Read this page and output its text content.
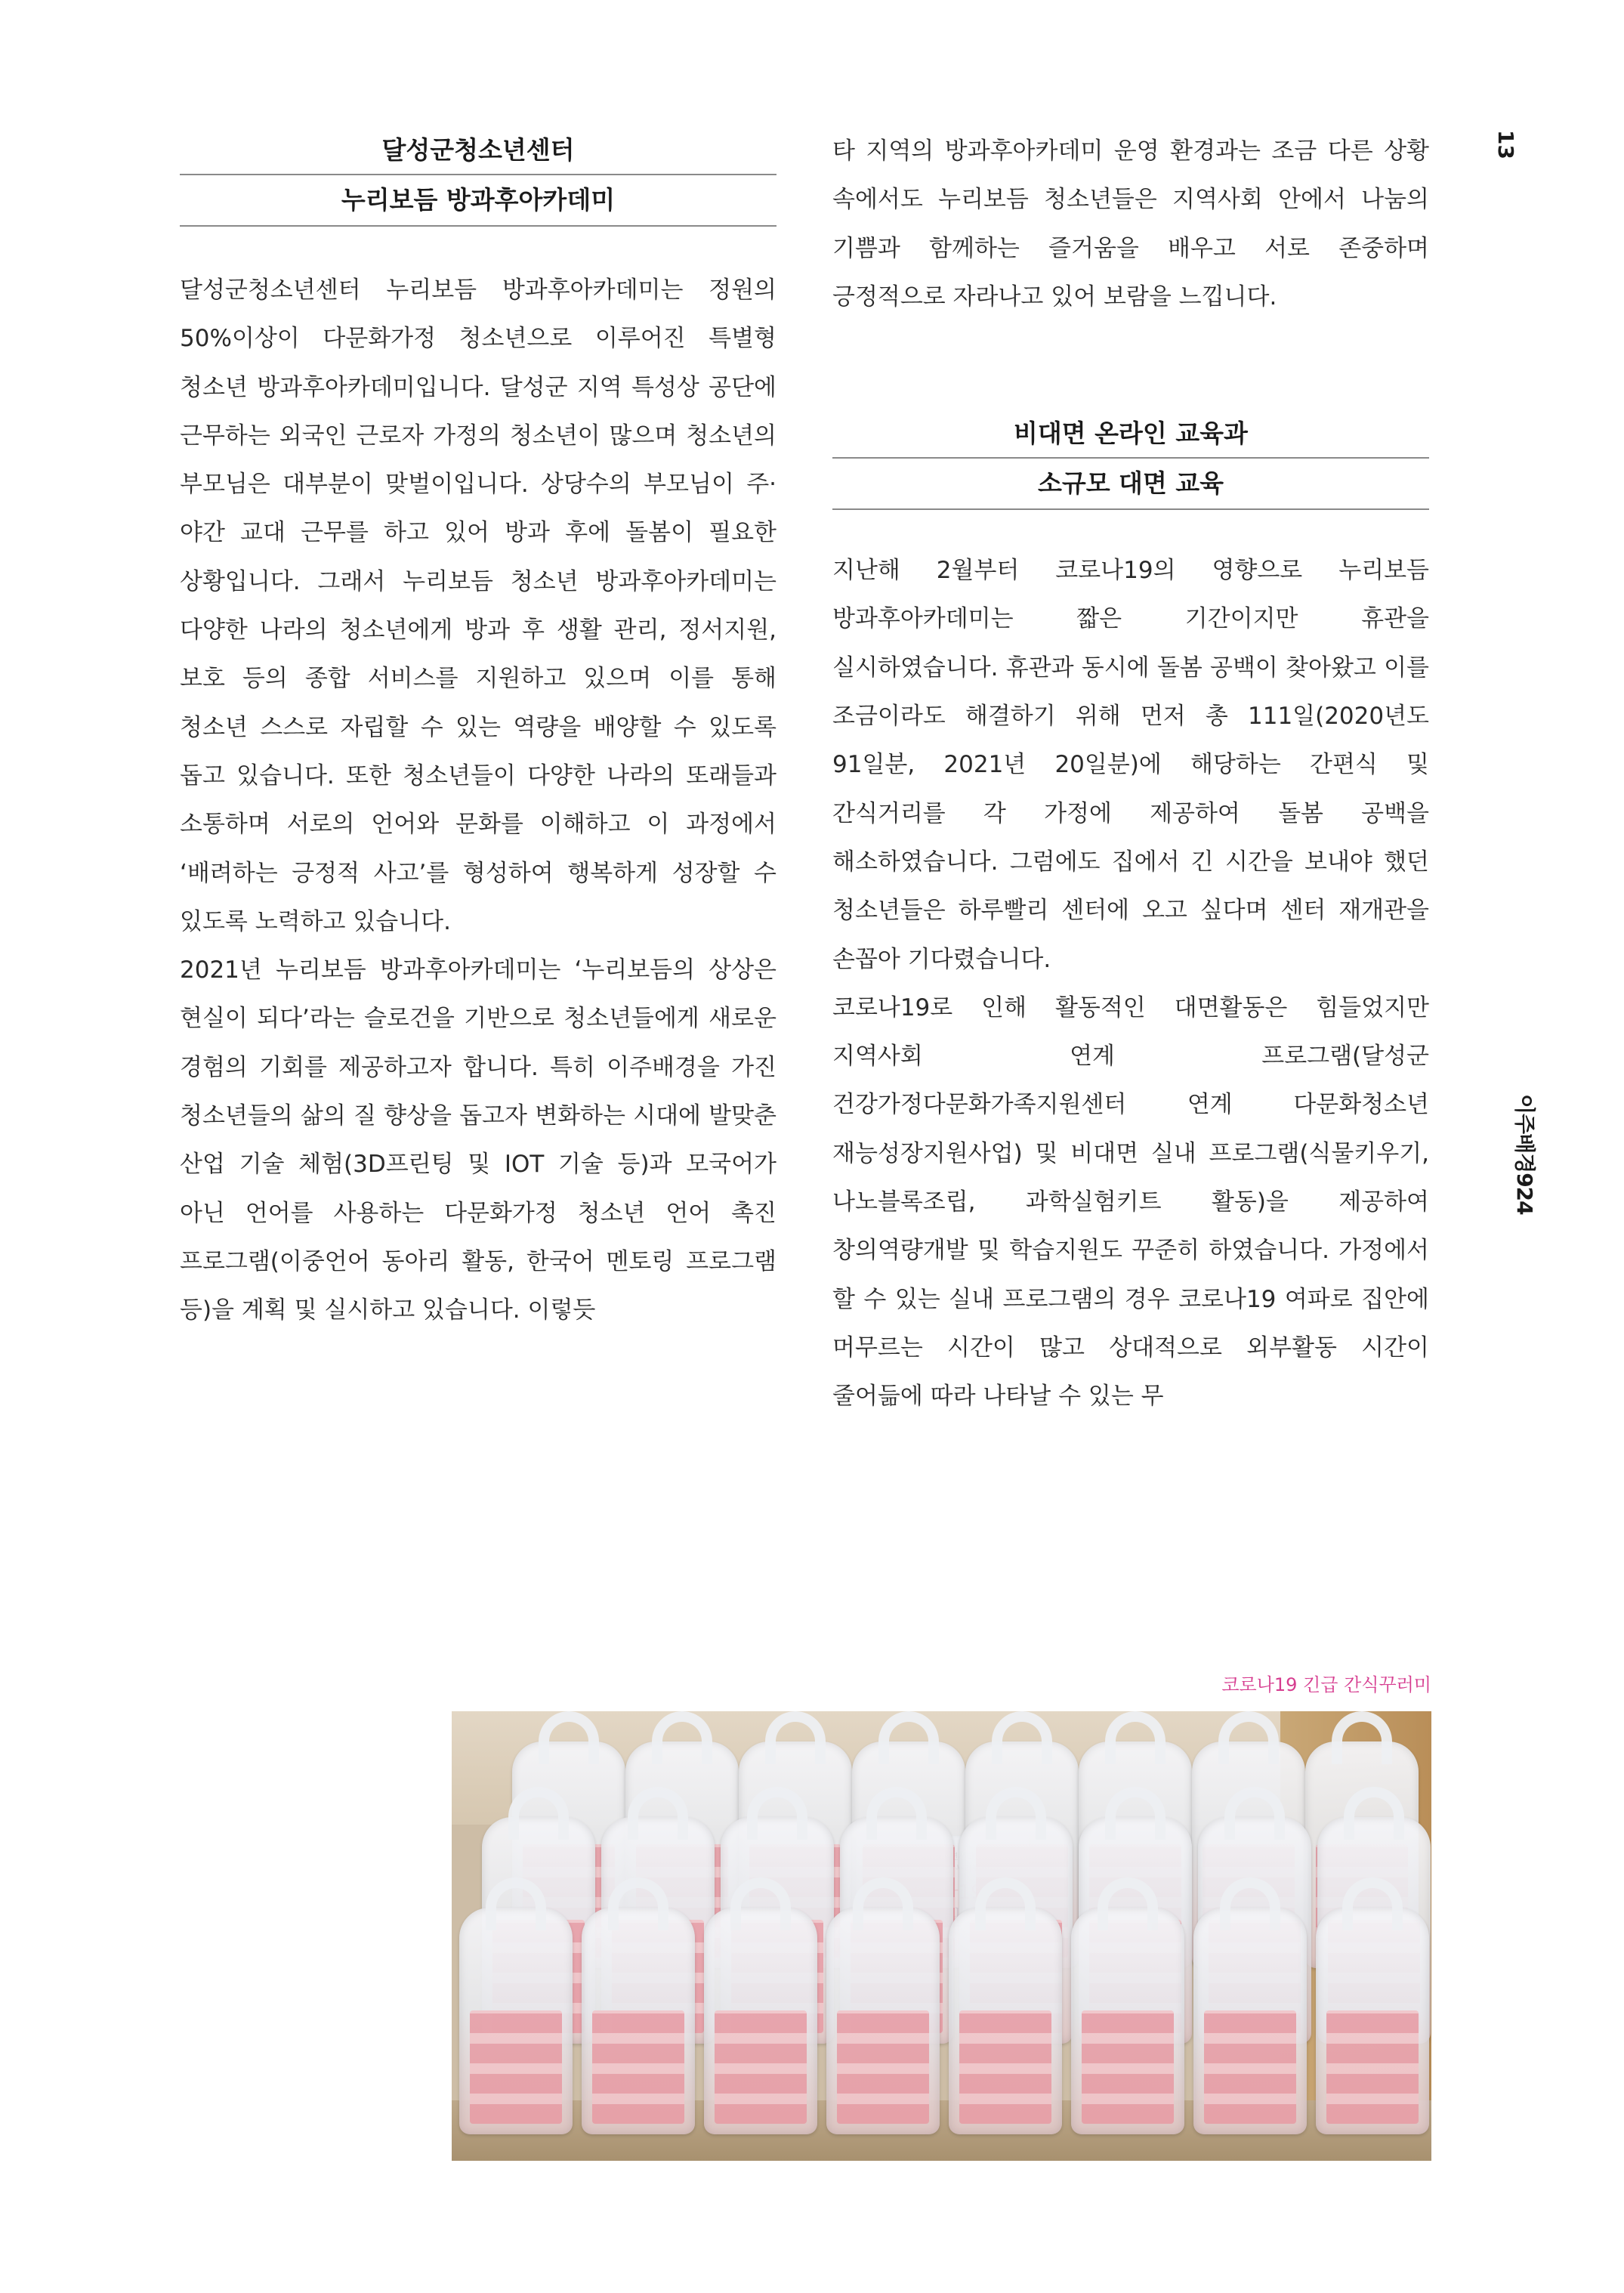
달성군청소년센터
누리보듬 방과후아카데미

달성군청소년센터 누리보듬 방과후아카데미는 정원의 50%이상이 다문화가정 청소년으로 이루어진 특별형 청소년 방과후아카데미입니다. 달성군 지역 특성상 공단에 근무하는 외국인 근로자 가정의 청소년이 많으며 청소년의 부모님은 대부분이 맞벌이입니다. 상당수의 부모님이 주·야간 교대 근무를 하고 있어 방과 후에 돌봄이 필요한 상황입니다. 그래서 누리보듬 청소년 방과후아카데미는 다양한 나라의 청소년에게 방과 후 생활 관리, 정서지원, 보호 등의 종합 서비스를 지원하고 있으며 이를 통해 청소년 스스로 자립할 수 있는 역량을 배양할 수 있도록 돕고 있습니다. 또한 청소년들이 다양한 나라의 또래들과 소통하며 서로의 언어와 문화를 이해하고 이 과정에서 ‘배려하는 긍정적 사고’를 형성하여 행복하게 성장할 수 있도록 노력하고 있습니다.

2021년 누리보듬 방과후아카데미는 ‘누리보듬의 상상은 현실이 되다’라는 슬로건을 기반으로 청소년들에게 새로운 경험의 기회를 제공하고자 합니다. 특히 이주배경을 가진 청소년들의 삶의 질 향상을 돕고자 변화하는 시대에 발맞춘 산업 기술 체험(3D프린팅 및 IOT 기술 등)과 모국어가 아닌 언어를 사용하는 다문화가정 청소년 언어 촉진 프로그램(이중언어 동아리 활동, 한국어 멘토링 프로그램 등)을 계획 및 실시하고 있습니다. 이렇듯

타 지역의 방과후아카데미 운영 환경과는 조금 다른 상황 속에서도 누리보듬 청소년들은 지역사회 안에서 나눔의 기쁨과 함께하는 즐거움을 배우고 서로 존중하며 긍정적으로 자라나고 있어 보람을 느낍니다.

비대면 온라인 교육과
소규모 대면 교육

지난해 2월부터 코로나19의 영향으로 누리보듬 방과후아카데미는 짧은 기간이지만 휴관을 실시하였습니다. 휴관과 동시에 돌봄 공백이 찾아왔고 이를 조금이라도 해결하기 위해 먼저 총 111일(2020년도 91일분, 2021년 20일분)에 해당하는 간편식 및 간식거리를 각 가정에 제공하여 돌봄 공백을 해소하였습니다. 그럼에도 집에서 긴 시간을 보내야 했던 청소년들은 하루빨리 센터에 오고 싶다며 센터 재개관을 손꼽아 기다렸습니다.

코로나19로 인해 활동적인 대면활동은 힘들었지만 지역사회 연계 프로그램(달성군 건강가정다문화가족지원센터 연계 다문화청소년 재능성장지원사업) 및 비대면 실내 프로그램(식물키우기, 나노블록조립, 과학실험키트 활동)을 제공하여 창의역량개발 및 학습지원도 꾸준히 하였습니다. 가정에서 할 수 있는 실내 프로그램의 경우 코로나19 여파로 집안에 머무르는 시간이 많고 상대적으로 외부활동 시간이 줄어듦에 따라 나타날 수 있는 무

13
이주배경924
코로나19 긴급 간식꾸러미
